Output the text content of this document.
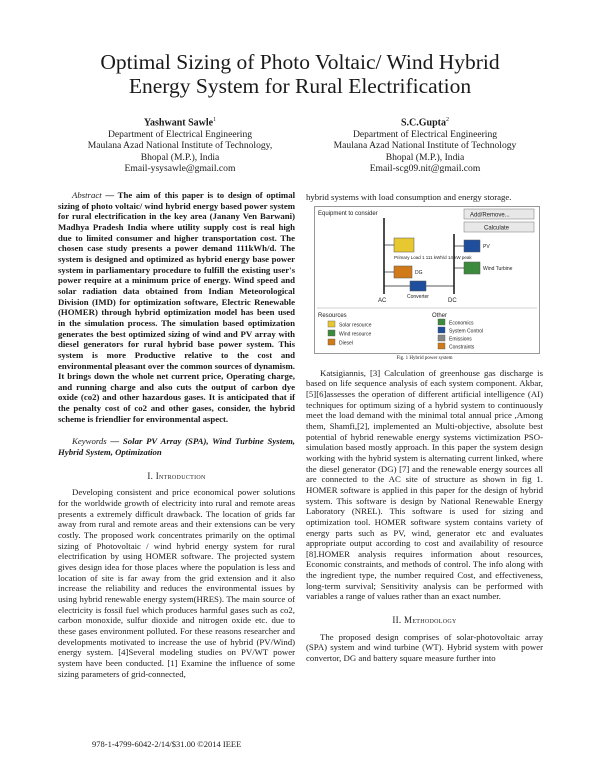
Optimal Sizing of Photo Voltaic/ Wind Hybrid
Energy System for Rural Electrification
Yashwant Sawle$^1$
Department of Electrical Engineering
Maulana Azad National Institute of Technology,
Bhopal (M.P.), India
Email-ysysawle@gmail.com
S.C.Gupta$^2$
Department of Electrical Engineering
Maulana Azad National Institute of Technology
Bhopal (M.P.), India
Email-scg09.nit@gmail.com
Abstract — The aim of this paper is to design of optimal sizing of photo voltaic/ wind hybrid energy based power system for rural electrification in the key area (Janany Ven Barwani) Madhya Pradesh India where utility supply cost is real high due to limited consumer and higher transportation cost. The chosen case study presents a power demand 111kWh/d. The system is designed and optimized as hybrid energy base power system in parliamentary procedure to fulfill the existing user's power require at a minimum price of energy. Wind speed and solar radiation data obtained from Indian Meteorological Division (IMD) for optimization software, Electric Renewable (HOMER) through hybrid optimization model has been used in the simulation process. The simulation based optimization generates the best optimized sizing of wind and PV array with diesel generators for rural hybrid base power system. This system is more Productive relative to the cost and environmental pleasant over the common sources of dynamism. It brings down the whole net current price, Operating charge, and running charge and also cuts the output of carbon dye oxide (co2) and other hazardous gases. It is anticipated that if the penalty cost of co2 and other gases, consider, the hybrid scheme is friendlier for environmental aspect.
Keywords — Solar PV Array (SPA), Wind Turbine System, Hybrid System, Optimization
I. Introduction

Developing consistent and price economical power solutions for the worldwide growth of electricity into rural and remote areas presents a extremely difficult drawback. The location of grids far away from rural and remote areas and their extensions can be very costly. The proposed work concentrates primarily on the optimal sizing of Photovoltaic / wind hybrid energy system for rural electrification by using HOMER software. The projected system gives design idea for those places where the population is less and location of site is far away from the grid extension and it also increase the reliability and reduces the environmental issues by using hybrid renewable energy system(HRES). The main source of electricity is fossil fuel which produces harmful gases such as co2, carbon monoxide, sulfur dioxide and nitrogen oxide etc. due to these gases environment polluted. For these reasons researcher and developments motivated to increase the use of hybrid (PV/Wind) energy system. [4]Several modeling studies on PV/WT power system have been conducted. [1] Examine the influence of some sizing parameters of grid-connected,

hybrid systems with load consumption and energy storage.

Equipment to consider	Add/Remove...
Calculate
AC	DC
Primary Load 1 111 kWh/d 14 kW peak
DG
Converter
PV
Wind Turbine
Resources	Other
Solar resource
Wind resource
Diesel
Economics
System Control
Emissions
Constraints
Fig. 1 Hybrid power system

Katsigiannis, [3] Calculation of greenhouse gas discharge is based on life sequence analysis of each system component. Akbar,[5][6]assesses the operation of different artificial intelligence (AI) techniques for optimum sizing of a hybrid system to continuously meet the load demand with the minimal total annual price ,Among them, Shamfi,[2], implemented an Multi-objective, absolute best potential of hybrid renewable energy systems victimization PSO-simulation based mostly approach. In this paper the system design working with the hybrid system is alternating current linked, where the diesel generator (DG) [7] and the renewable energy sources all are connected to the AC site of structure as shown in fig 1. HOMER software is applied in this paper for the design of hybrid system. This software is design by National Renewable Energy Laboratory (NREL). This software is used for sizing and optimization tool. HOMER software system contains variety of energy parts such as PV, wind, generator etc and evaluates appropriate output according to cost and availability of resource [8].HOMER analysis requires information about resources, Economic constraints, and methods of control. The info along with the ingredient type, the number required Cost, and effectiveness, long-term survival; Sensitivity analysis can be performed with variables a range of values rather than an exact number.

II. Methodology

The proposed design comprises of solar-photovoltaic array (SPA) system and wind turbine (WT). Hybrid system with power convertor, DG and battery square measure further into

978-1-4799-6042-2/14/$31.00 ©2014 IEEE
